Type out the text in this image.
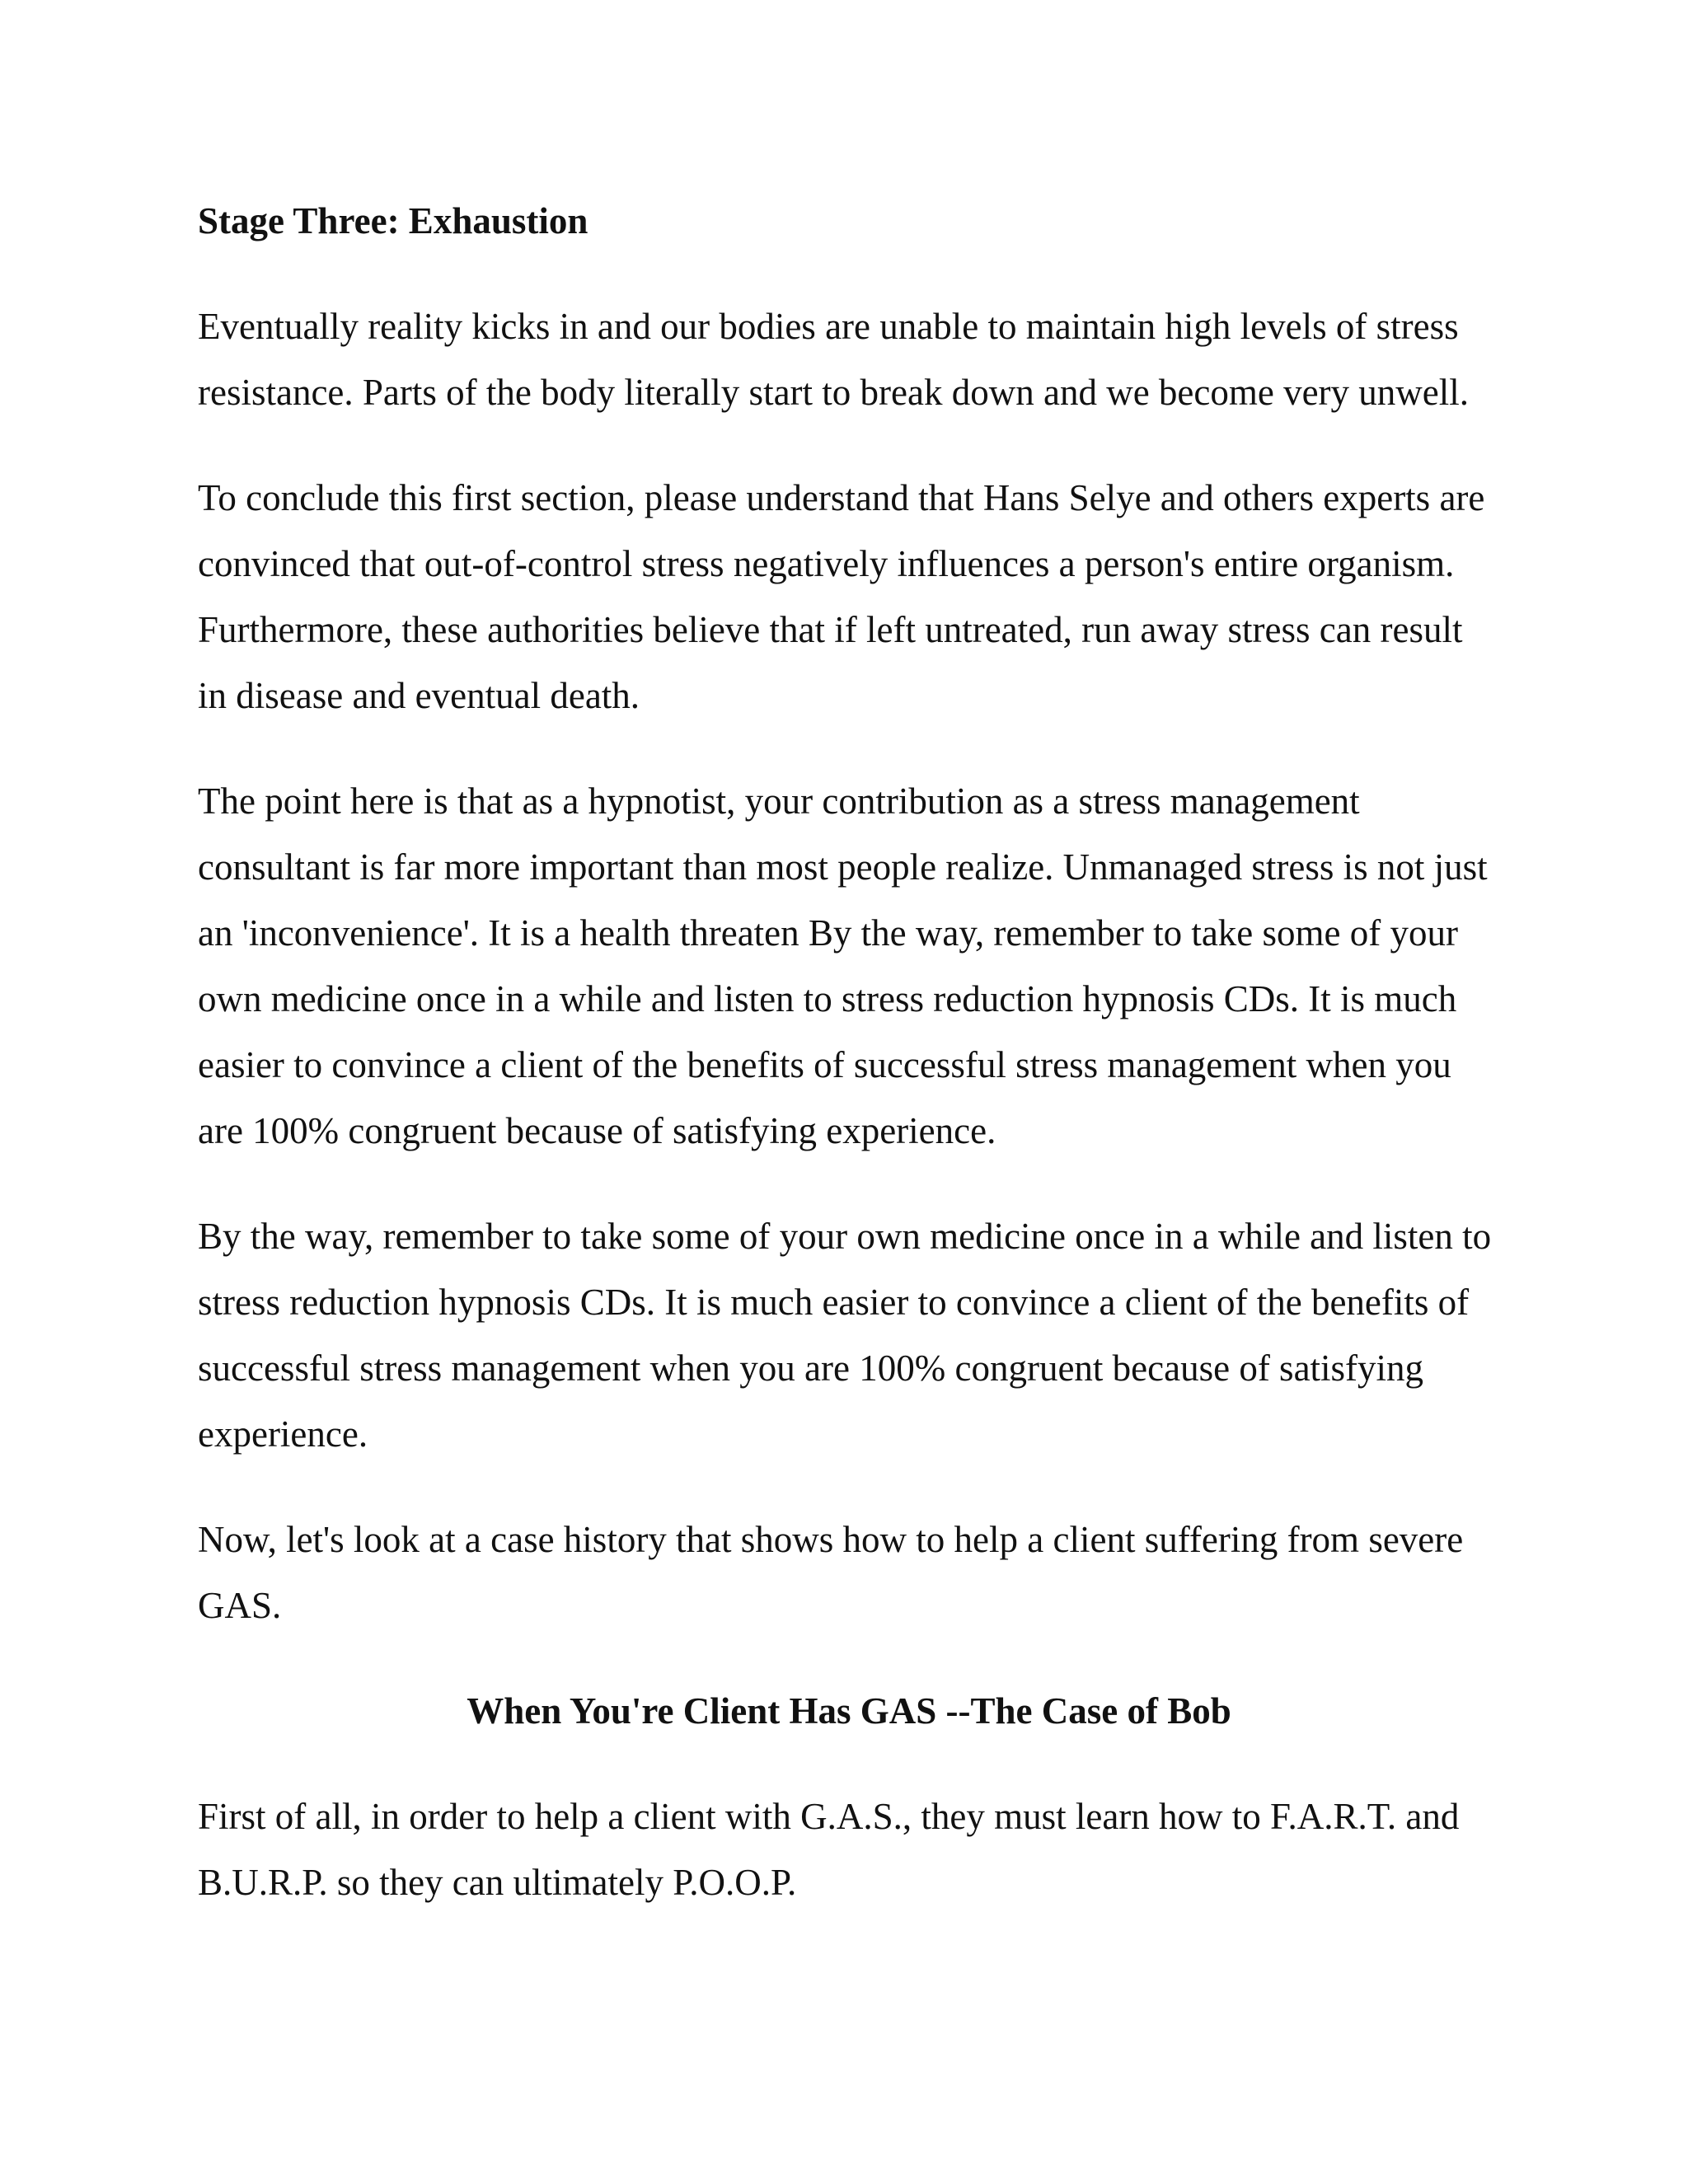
Stage Three: Exhaustion

Eventually reality kicks in and our bodies are unable to maintain high levels of stress resistance. Parts of the body literally start to break down and we become very unwell.

To conclude this first section, please understand that Hans Selye and others experts are convinced that out-of-control stress negatively influences a person's entire organism. Furthermore, these authorities believe that if left untreated, run away stress can result in disease and eventual death.

The point here is that as a hypnotist, your contribution as a stress management consultant is far more important than most people realize. Unmanaged stress is not just an 'inconvenience'. It is a health threaten By the way, remember to take some of your own medicine once in a while and listen to stress reduction hypnosis CDs. It is much easier to convince a client of the benefits of successful stress management when you are 100% congruent because of satisfying experience.

By the way, remember to take some of your own medicine once in a while and listen to stress reduction hypnosis CDs. It is much easier to convince a client of the benefits of successful stress management when you are 100% congruent because of satisfying experience.

Now, let's look at a case history that shows how to help a client suffering from severe GAS.

When You're Client Has GAS --The Case of Bob

First of all, in order to help a client with G.A.S., they must learn how to F.A.R.T. and B.U.R.P. so they can ultimately P.O.O.P.
